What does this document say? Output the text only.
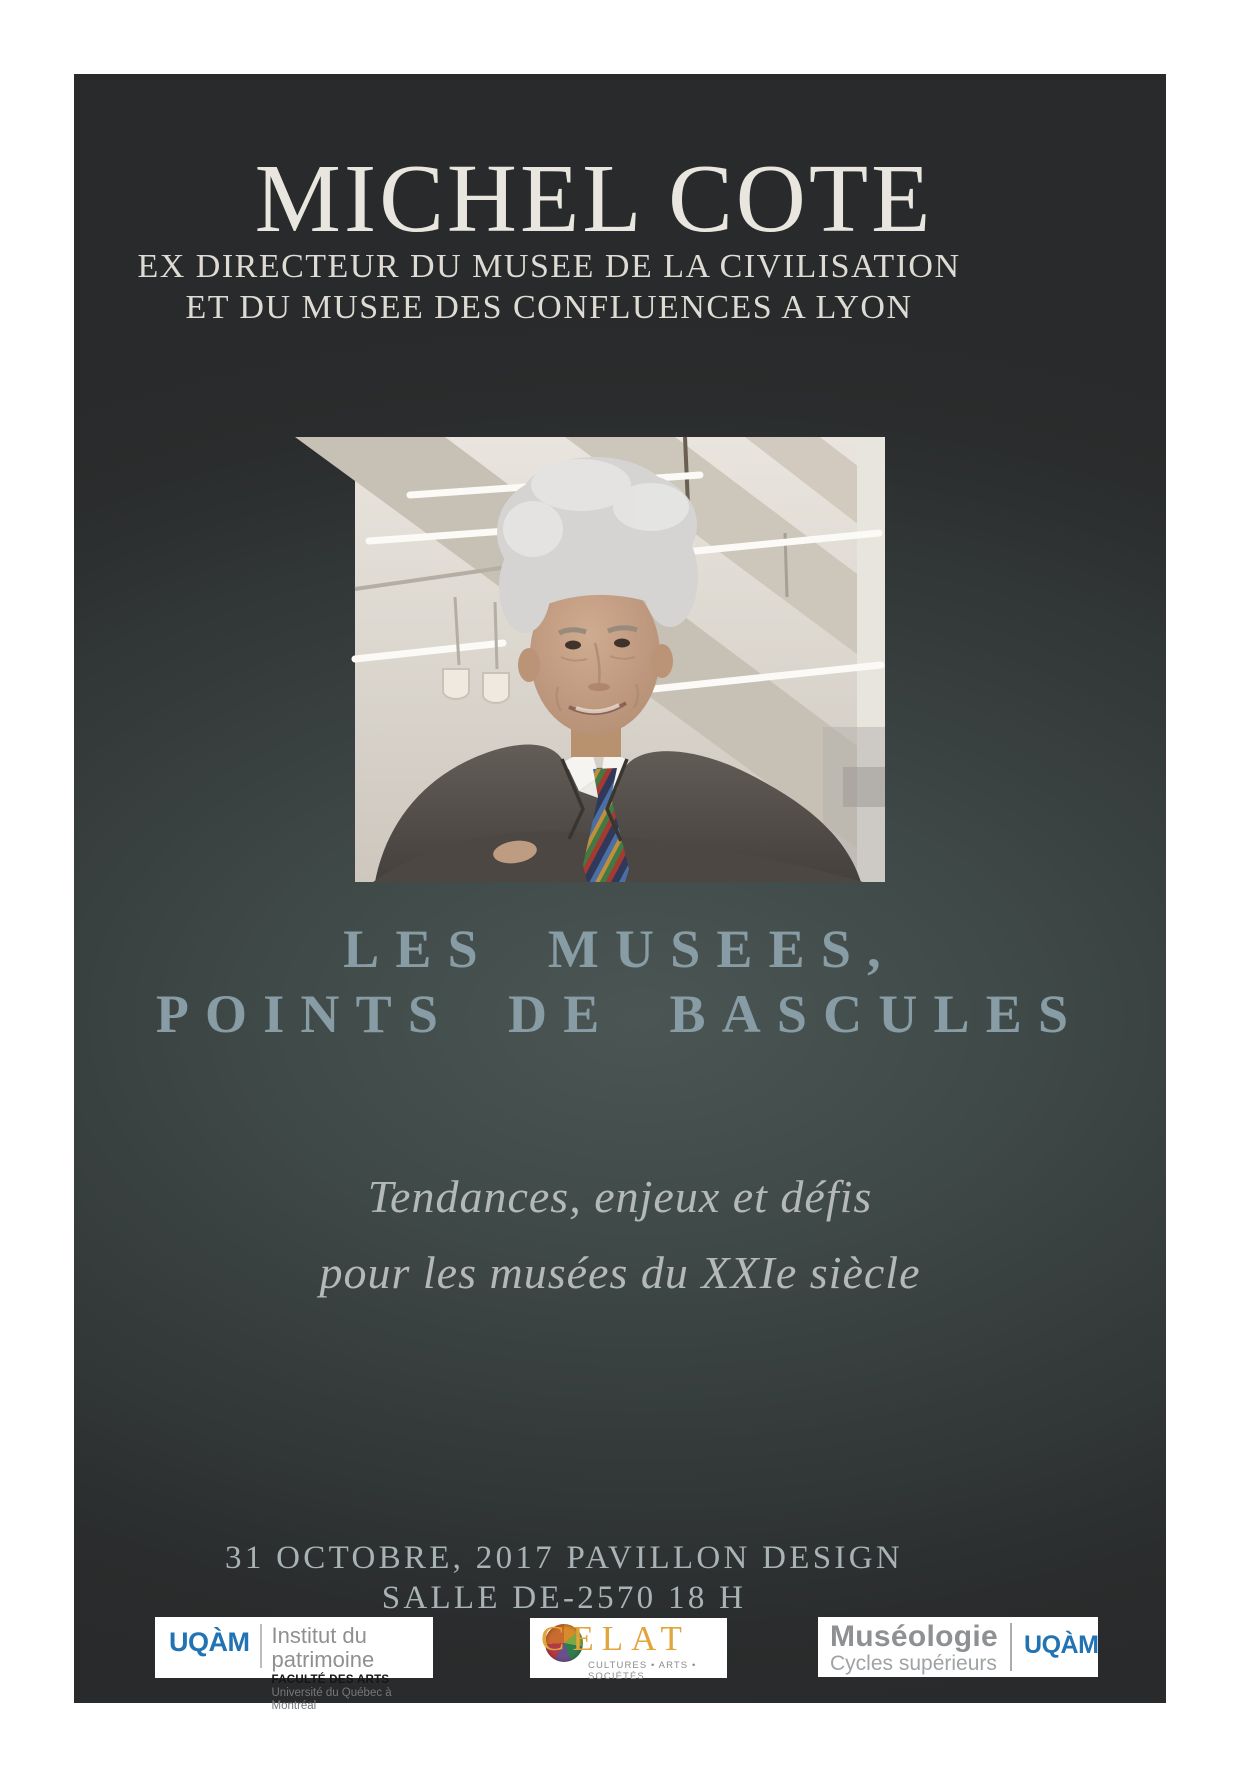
MICHEL COTE
EX DIRECTEUR DU MUSEE DE LA CIVILISATION
ET DU MUSEE DES CONFLUENCES A LYON
LES MUSEES,
POINTS DE BASCULES
Tendances, enjeux et défis
pour les musées du XXIe siècle
31 OCTOBRE, 2017 PAVILLON DESIGN
SALLE DE-2570 18 H
UQÀM Institut du patrimoine
FACULTÉ DES ARTS
Université du Québec à Montréal
CELAT
CULTURES • ARTS • SOCIÉTÉS
Muséologie
Cycles supérieurs
UQÀM
